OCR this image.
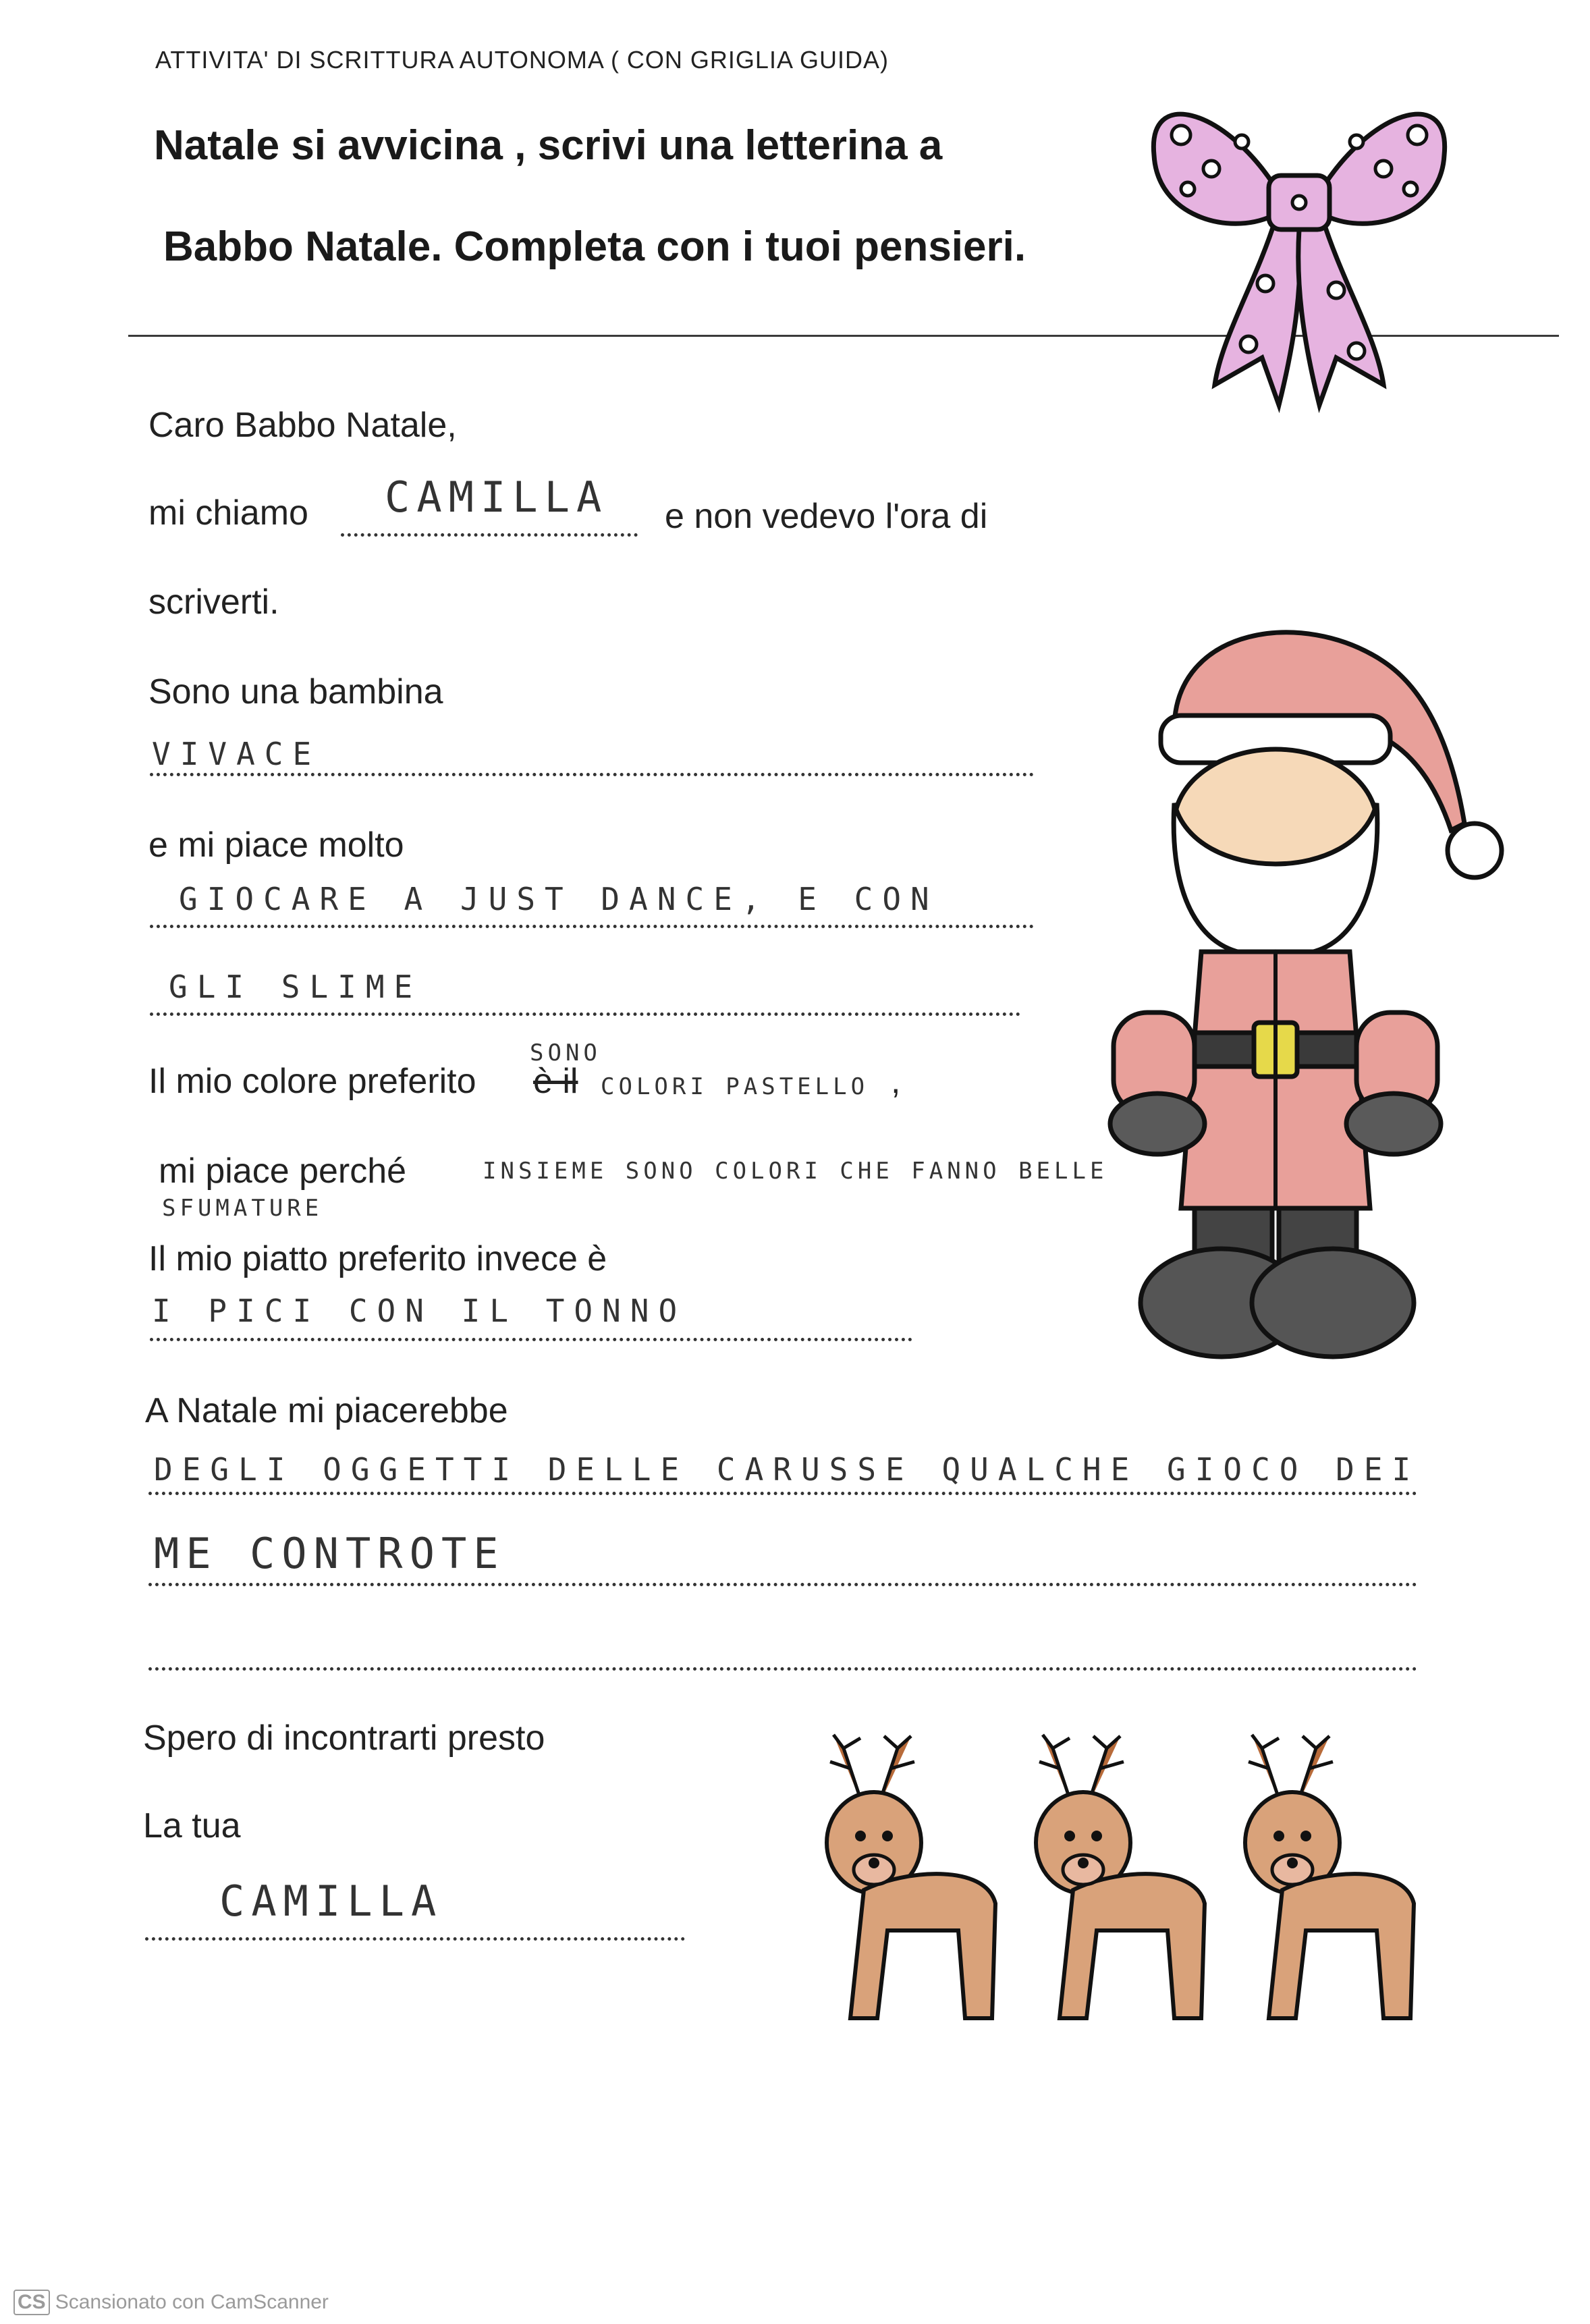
ATTIVITA' DI SCRITTURA AUTONOMA ( CON GRIGLIA GUIDA)
Natale si avvicina , scrivi una letterina a
Babbo Natale. Completa con i tuoi pensieri.
Caro Babbo Natale,
mi chiamo CAMILLA e non vedevo l'ora di
scriverti.
Sono una bambina
VIVACE
e mi piace molto
GIOCARE A JUST DANCE, E CON
GLI SLIME
Il mio colore preferito è il
SONO
COLORI PASTELLO ,
mi piace perché	INSIEME SONO COLORI CHE FANNO BELLE
SFUMATURE
Il mio piatto preferito invece è
I PICI CON IL TONNO
A Natale mi piacerebbe
DEGLI OGGETTI DELLE CARUSSE QUALCHE GIOCO DEI
ME CONTROTE
Spero di incontrarti presto
La tua
CAMILLA
CS Scansionato con CamScanner
